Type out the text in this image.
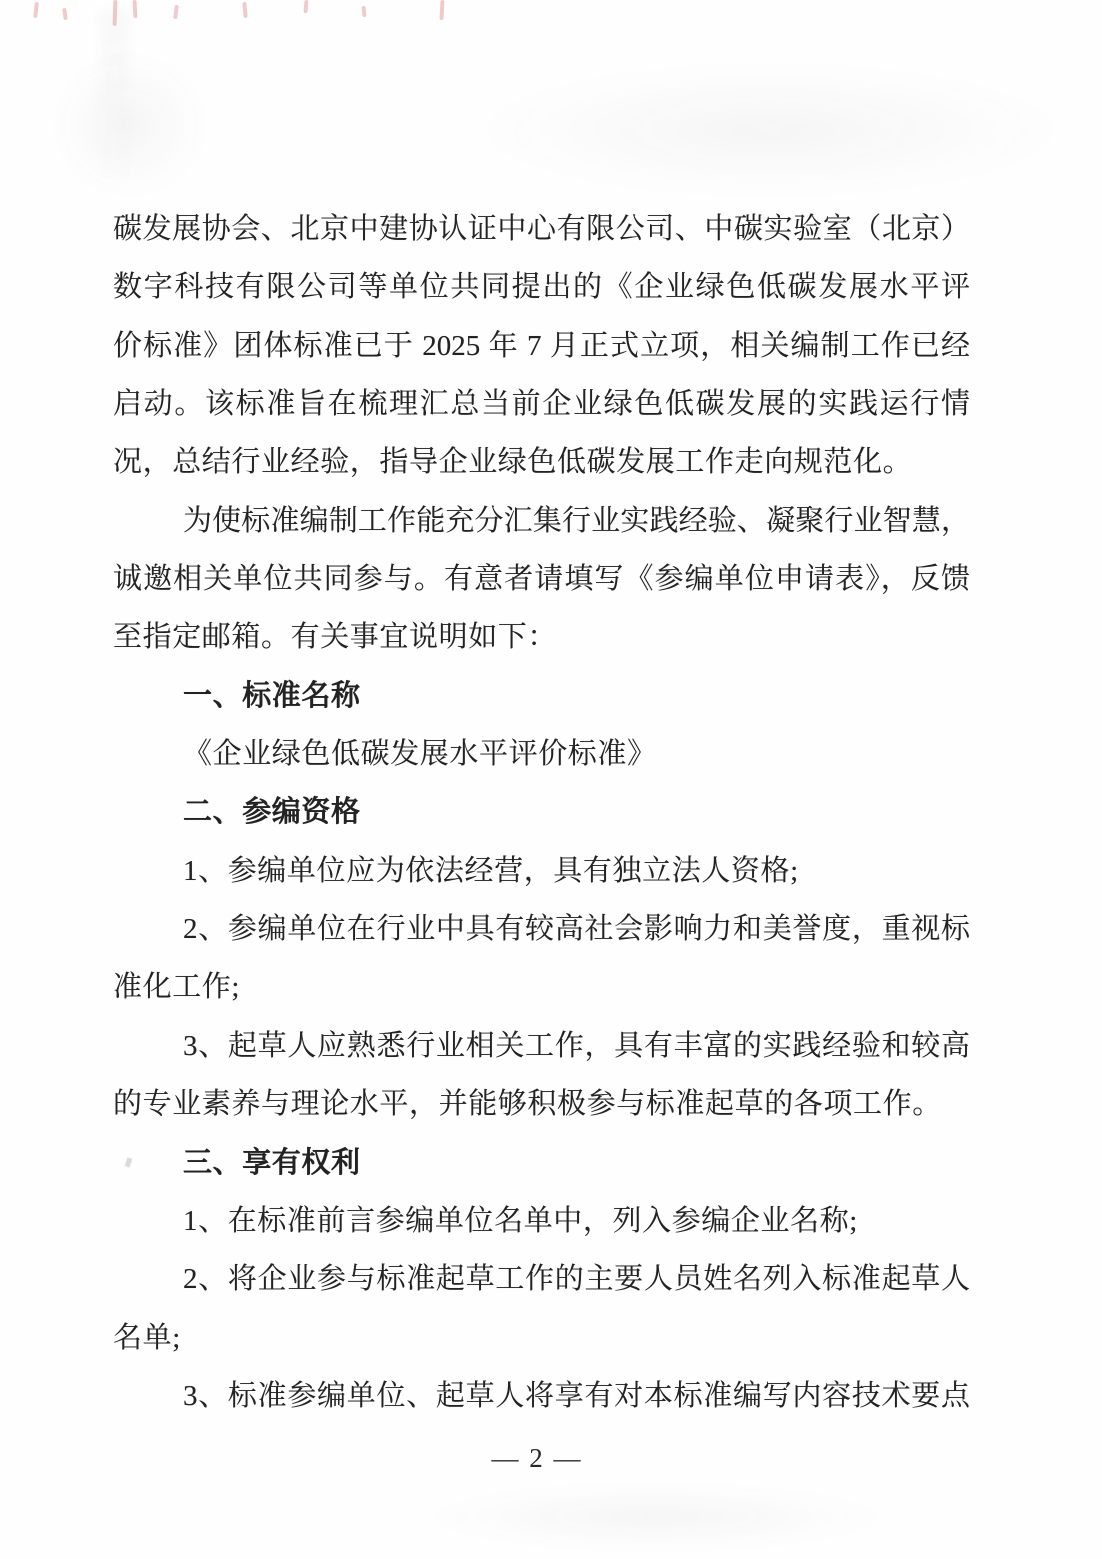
碳发展协会、北京中建协认证中心有限公司、中碳实验室（北京）
数字科技有限公司等单位共同提出的《企业绿色低碳发展水平评
价标准》团体标准已于 2025 年 7 月正式立项，相关编制工作已经
启动。该标准旨在梳理汇总当前企业绿色低碳发展的实践运行情
况，总结行业经验，指导企业绿色低碳发展工作走向规范化。
为使标准编制工作能充分汇集行业实践经验、凝聚行业智慧，
诚邀相关单位共同参与。有意者请填写《参编单位申请表》，反馈
至指定邮箱。有关事宜说明如下：
一、标准名称
《企业绿色低碳发展水平评价标准》
二、参编资格
1、参编单位应为依法经营，具有独立法人资格;
2、参编单位在行业中具有较高社会影响力和美誉度，重视标
准化工作;
3、起草人应熟悉行业相关工作，具有丰富的实践经验和较高
的专业素养与理论水平，并能够积极参与标准起草的各项工作。
三、享有权利
1、在标准前言参编单位名单中，列入参编企业名称;
2、将企业参与标准起草工作的主要人员姓名列入标准起草人
名单;
3、标准参编单位、起草人将享有对本标准编写内容技术要点
— 2 —
